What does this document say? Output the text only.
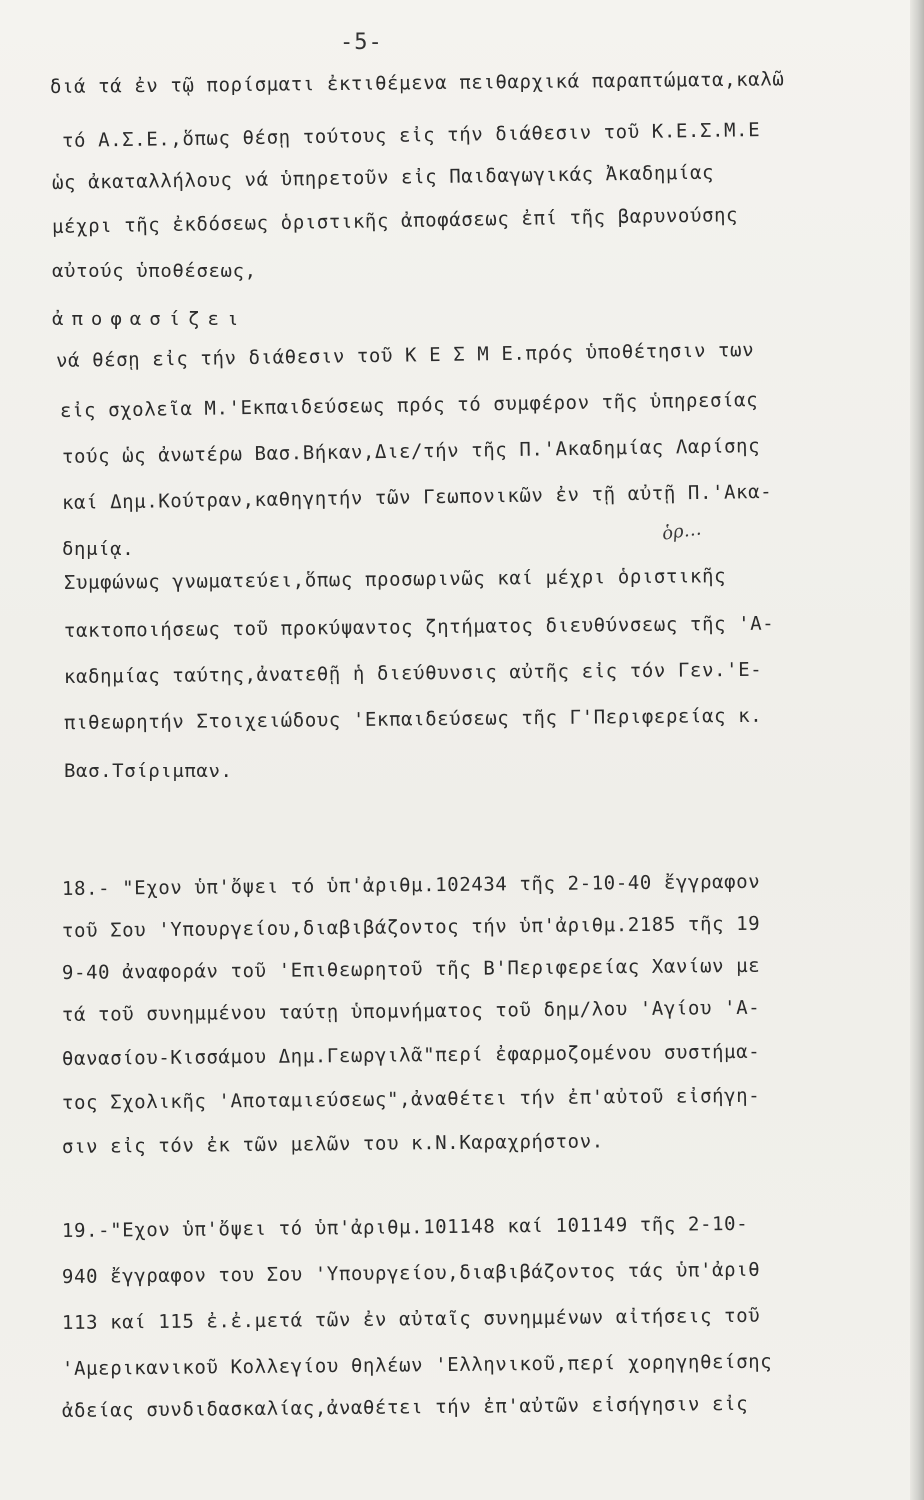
-5-
διά τά ἐν τῷ πορίσματι ἐκτιθέμενα πειθαρχικά παραπτώματα,καλῶ
τό Α.Σ.Ε.,ὅπως θέσῃ τούτους εἰς τήν διάθεσιν τοῦ Κ.Ε.Σ.Μ.Ε
ὡς ἀκαταλλήλους νά ὑπηρετοῦν εἰς Παιδαγωγικάς Ἀκαδημίας
μέχρι τῆς ἐκδόσεως ὁριστικῆς ἀποφάσεως ἐπί τῆς βαρυνούσης
αὐτούς ὑποθέσεως,
ἀποφασίζει
νά θέσῃ εἰς τήν διάθεσιν τοῦ Κ Ε Σ Μ Ε.πρός ὑποθέτησιν των
εἰς σχολεῖα Μ.'Εκπαιδεύσεως πρός τό συμφέρον τῆς ὑπηρεσίας
τούς ὡς ἀνωτέρω Βασ.Βήκαν,Διε/τήν τῆς Π.'Ακαδημίας Λαρίσης
καί Δημ.Κούτραν,καθηγητήν τῶν Γεωπονικῶν ἐν τῇ αὐτῇ Π.'Ακα-
δημίᾳ.
ὁρ…
Συμφώνως γνωματεύει,ὅπως προσωρινῶς καί μέχρι ὁριστικῆς
τακτοποιήσεως τοῦ προκύψαντος ζητήματος διευθύνσεως τῆς 'Α-
καδημίας ταύτης,ἀνατεθῇ ἡ διεύθυνσις αὐτῆς εἰς τόν Γεν.'Ε-
πιθεωρητήν Στοιχειώδους 'Εκπαιδεύσεως τῆς Γ'Περιφερείας κ.
Βασ.Τσίριμπαν.
18.- "Εχον ὑπ'ὄψει τό ὑπ'ἀριθμ.102434 τῆς 2-10-40 ἔγγραφον
τοῦ Σου 'Υπουργείου,διαβιβάζοντος τήν ὑπ'ἀριθμ.2185 τῆς 19
9-40 ἀναφοράν τοῦ 'Επιθεωρητοῦ τῆς Β'Περιφερείας Χανίων με
τά τοῦ συνημμένου ταύτῃ ὑπομνήματος τοῦ δημ/λου 'Αγίου 'Α-
θανασίου-Κισσάμου Δημ.Γεωργιλᾶ"περί ἐφαρμοζομένου συστήμα-
τος Σχολικῆς 'Αποταμιεύσεως",ἀναθέτει τήν ἐπ'αὐτοῦ εἰσήγη-
σιν εἰς τόν ἐκ τῶν μελῶν του κ.Ν.Καραχρήστον.
19.-"Εχον ὑπ'ὄψει τό ὑπ'ἀριθμ.101148 καί 101149 τῆς 2-10-
940 ἔγγραφον του Σου 'Υπουργείου,διαβιβάζοντος τάς ὑπ'ἀριθ
113 καί 115 ἐ.ἐ.μετά τῶν ἐν αὐταῖς συνημμένων αἰτήσεις τοῦ
'Αμερικανικοῦ Κολλεγίου θηλέων 'Ελληνικοῦ,περί χορηγηθείσης
ἀδείας συνδιδασκαλίας,ἀναθέτει τήν ἐπ'αὐτῶν εἰσήγησιν εἰς
